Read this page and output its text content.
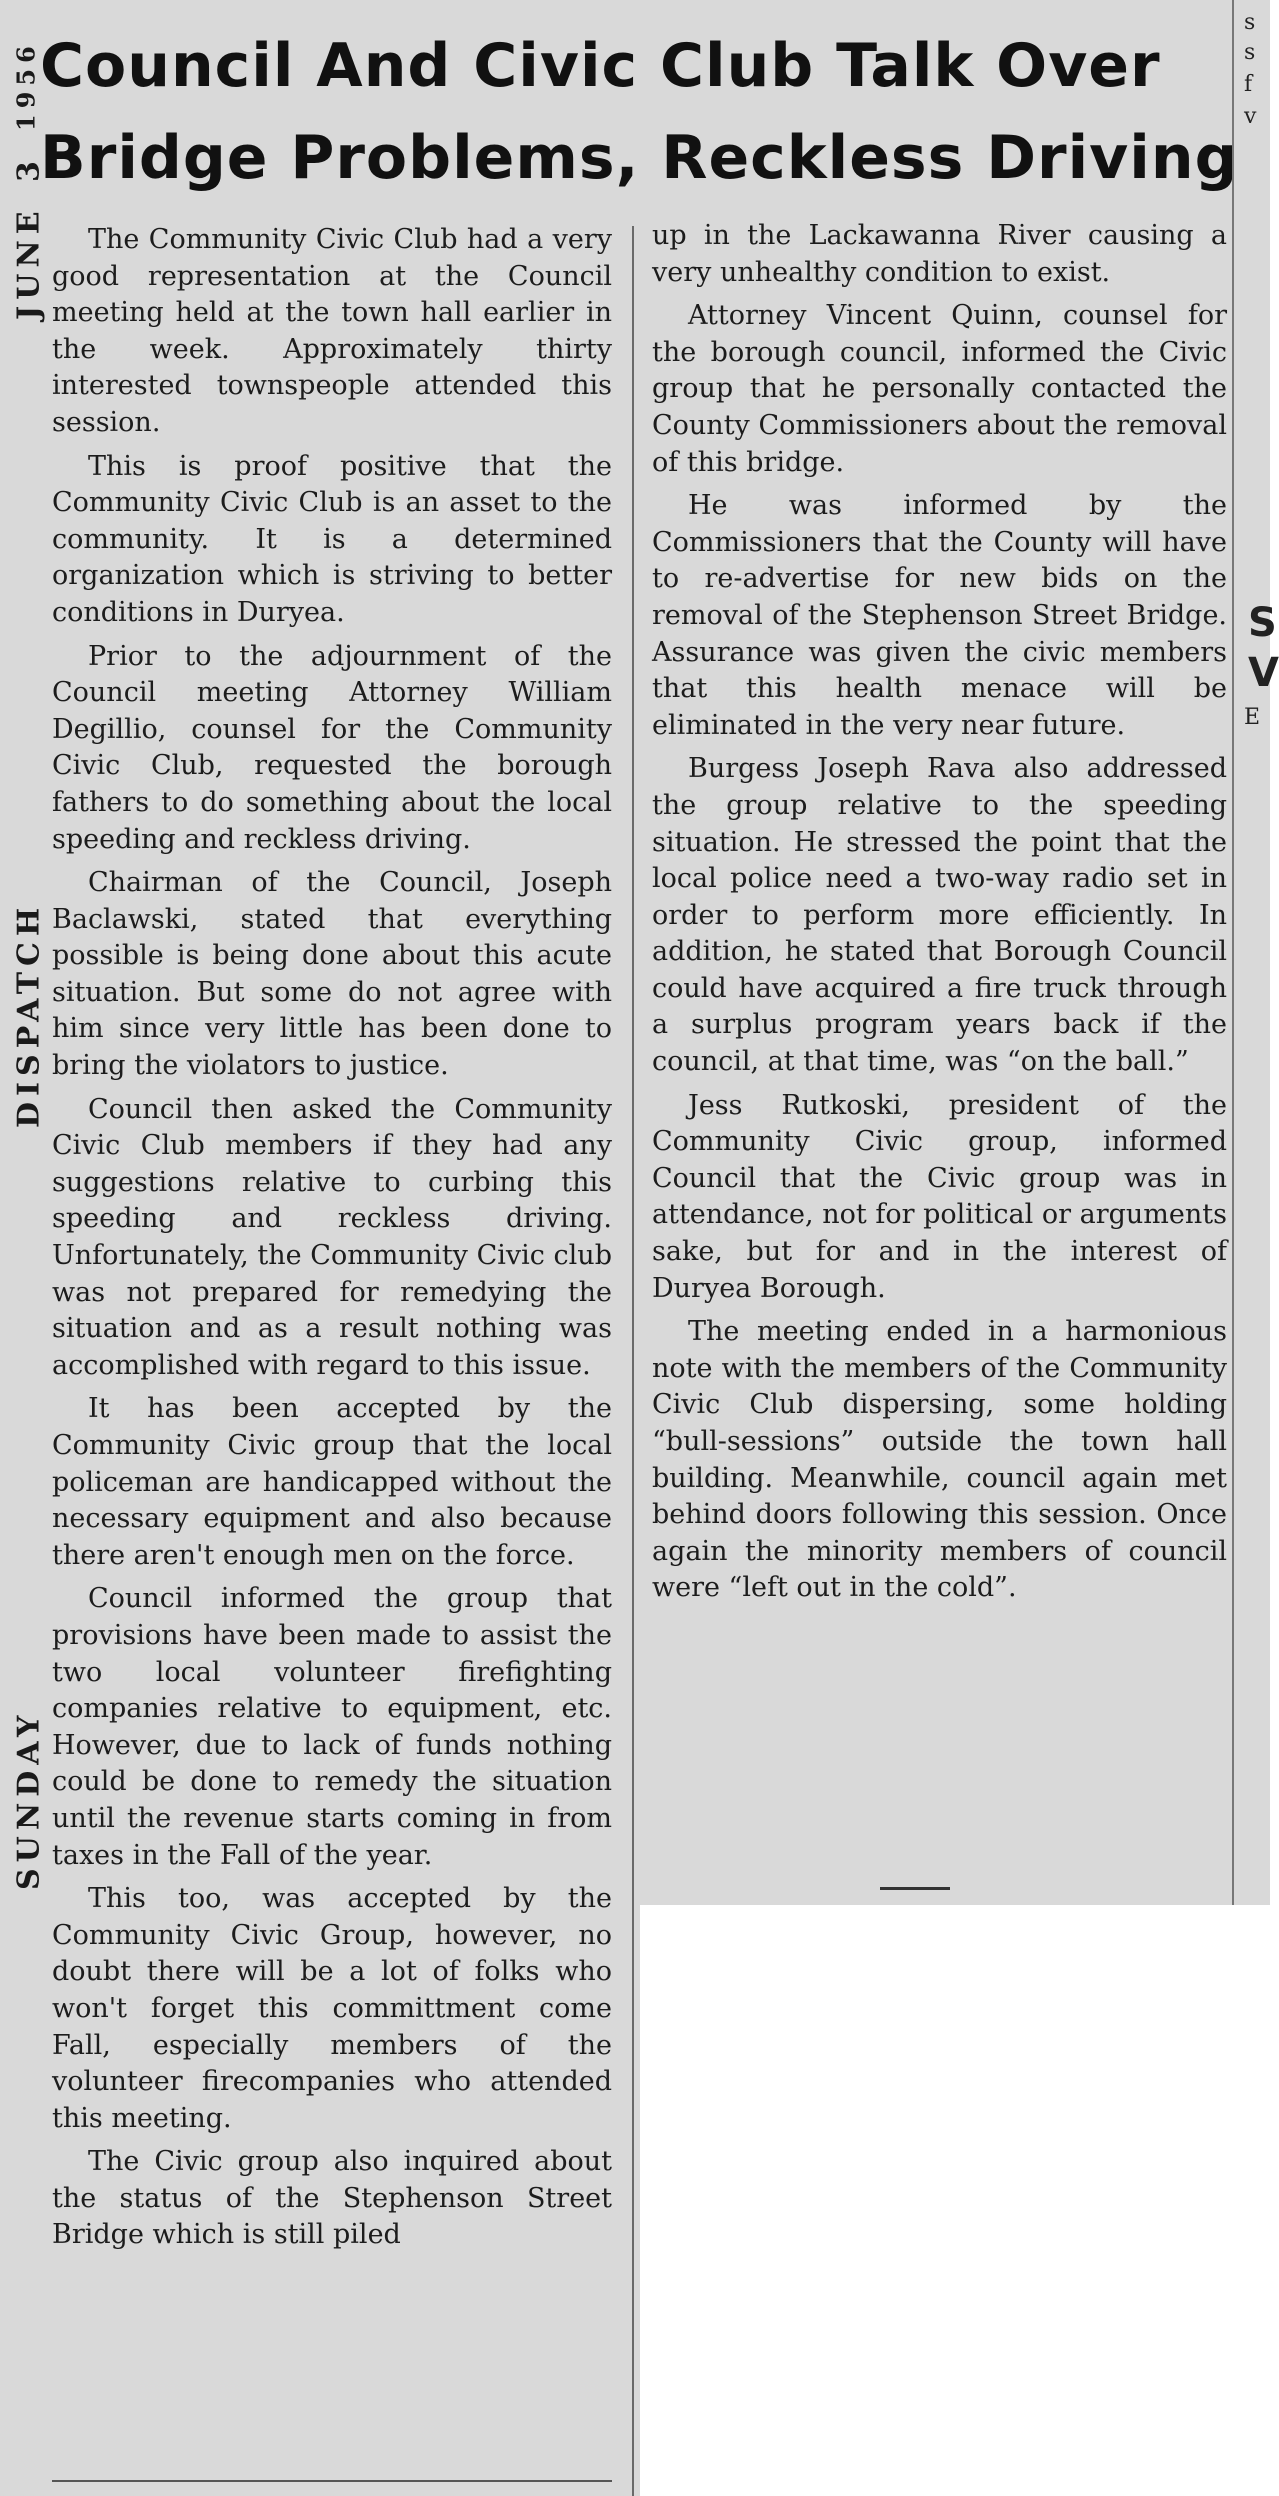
SUNDAY
DISPATCH
JUNE
3
1956 Council And Civic Club Talk Over
Bridge Problems, Reckless Driving

The Community Civic Club had a very good representation at the Council meeting held at the town hall earlier in the week. Approximately thirty interested townspeople attended this session.

This is proof positive that the Community Civic Club is an asset to the community. It is a determined organization which is striving to better conditions in Duryea.

Prior to the adjournment of the Council meeting Attorney William Degillio, counsel for the Community Civic Club, requested the borough fathers to do something about the local speeding and reckless driving.

Chairman of the Council, Joseph Baclawski, stated that everything possible is being done about this acute situation. But some do not agree with him since very little has been done to bring the violators to justice.

Council then asked the Community Civic Club members if they had any suggestions relative to curbing this speeding and reckless driving. Unfortunately, the Community Civic club was not prepared for remedying the situation and as a result nothing was accomplished with regard to this issue.

It has been accepted by the Community Civic group that the local policeman are handicapped without the necessary equipment and also because there aren't enough men on the force.

Council informed the group that provisions have been made to assist the two local volunteer firefighting companies relative to equipment, etc. However, due to lack of funds nothing could be done to remedy the situation until the revenue starts coming in from taxes in the Fall of the year.

This too, was accepted by the Community Civic Group, however, no doubt there will be a lot of folks who won't forget this committment come Fall, especially members of the volunteer firecompanies who attended this meeting.

The Civic group also inquired about the status of the Stephenson Street Bridge which is still piled

up in the Lackawanna River causing a very unhealthy condition to exist.

Attorney Vincent Quinn, counsel for the borough council, informed the Civic group that he personally contacted the County Commissioners about the removal of this bridge.

He was informed by the Commissioners that the County will have to re-advertise for new bids on the removal of the Stephenson Street Bridge. Assurance was given the civic members that this health menace will be eliminated in the very near future.

Burgess Joseph Rava also addressed the group relative to the speeding situation. He stressed the point that the local police need a two-way radio set in order to perform more efficiently. In addition, he stated that Borough Council could have acquired a fire truck through a surplus program years back if the council, at that time, was “on the ball.”

Jess Rutkoski, president of the Community Civic group, informed Council that the Civic group was in attendance, not for political or arguments sake, but for and in the interest of Duryea Borough.

The meeting ended in a harmonious note with the members of the Community Civic Club dispersing, some holding “bull-sessions” outside the town hall building. Meanwhile, council again met behind doors following this session. Once again the minority members of council were “left out in the cold”.

s
s
f
v
S
V
E
